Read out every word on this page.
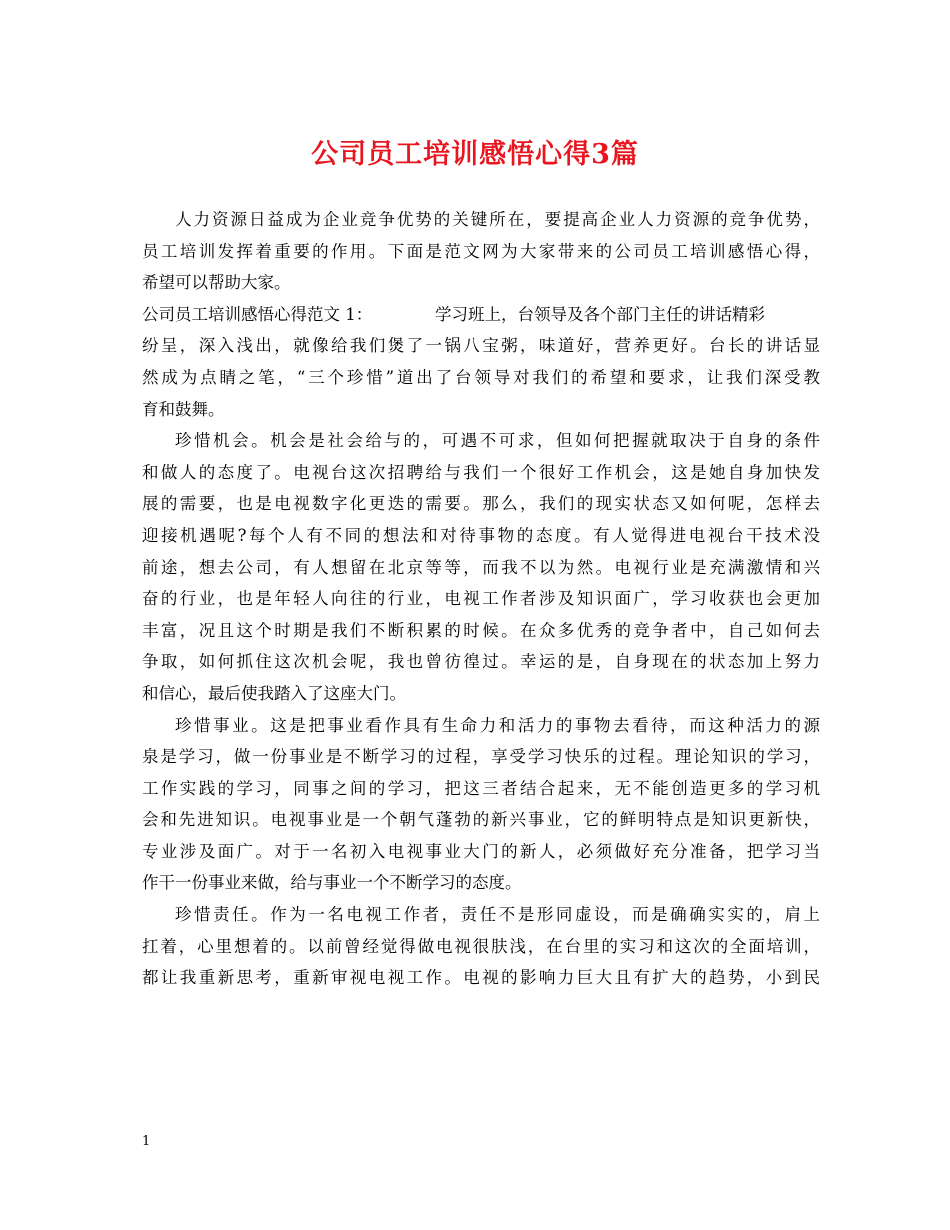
公司员工培训感悟心得3篇
人力资源日益成为企业竞争优势的关键所在，要提高企业人力资源的竞争优势，
员工培训发挥着重要的作用。下面是范文网为大家带来的公司员工培训感悟心得，
希望可以帮助大家。
公司员工培训感悟心得范文 1：	学习班上，台领导及各个部门主任的讲话精彩
纷呈，深入浅出，就像给我们煲了一锅八宝粥，味道好，营养更好。台长的讲话显
然成为点睛之笔，“三个珍惜”道出了台领导对我们的希望和要求，让我们深受教
育和鼓舞。
珍惜机会。机会是社会给与的，可遇不可求，但如何把握就取决于自身的条件
和做人的态度了。电视台这次招聘给与我们一个很好工作机会，这是她自身加快发
展的需要，也是电视数字化更迭的需要。那么，我们的现实状态又如何呢，怎样去
迎接机遇呢?每个人有不同的想法和对待事物的态度。有人觉得进电视台干技术没
前途，想去公司，有人想留在北京等等，而我不以为然。电视行业是充满激情和兴
奋的行业，也是年轻人向往的行业，电视工作者涉及知识面广，学习收获也会更加
丰富，况且这个时期是我们不断积累的时候。在众多优秀的竞争者中，自己如何去
争取，如何抓住这次机会呢，我也曾彷徨过。幸运的是，自身现在的状态加上努力
和信心，最后使我踏入了这座大门。
珍惜事业。这是把事业看作具有生命力和活力的事物去看待，而这种活力的源
泉是学习，做一份事业是不断学习的过程，享受学习快乐的过程。理论知识的学习，
工作实践的学习，同事之间的学习，把这三者结合起来，无不能创造更多的学习机
会和先进知识。电视事业是一个朝气蓬勃的新兴事业，它的鲜明特点是知识更新快，
专业涉及面广。对于一名初入电视事业大门的新人，必须做好充分准备，把学习当
作干一份事业来做，给与事业一个不断学习的态度。
珍惜责任。作为一名电视工作者，责任不是形同虚设，而是确确实实的，肩上
扛着，心里想着的。以前曾经觉得做电视很肤浅，在台里的实习和这次的全面培训，
都让我重新思考，重新审视电视工作。电视的影响力巨大且有扩大的趋势，小到民
1
